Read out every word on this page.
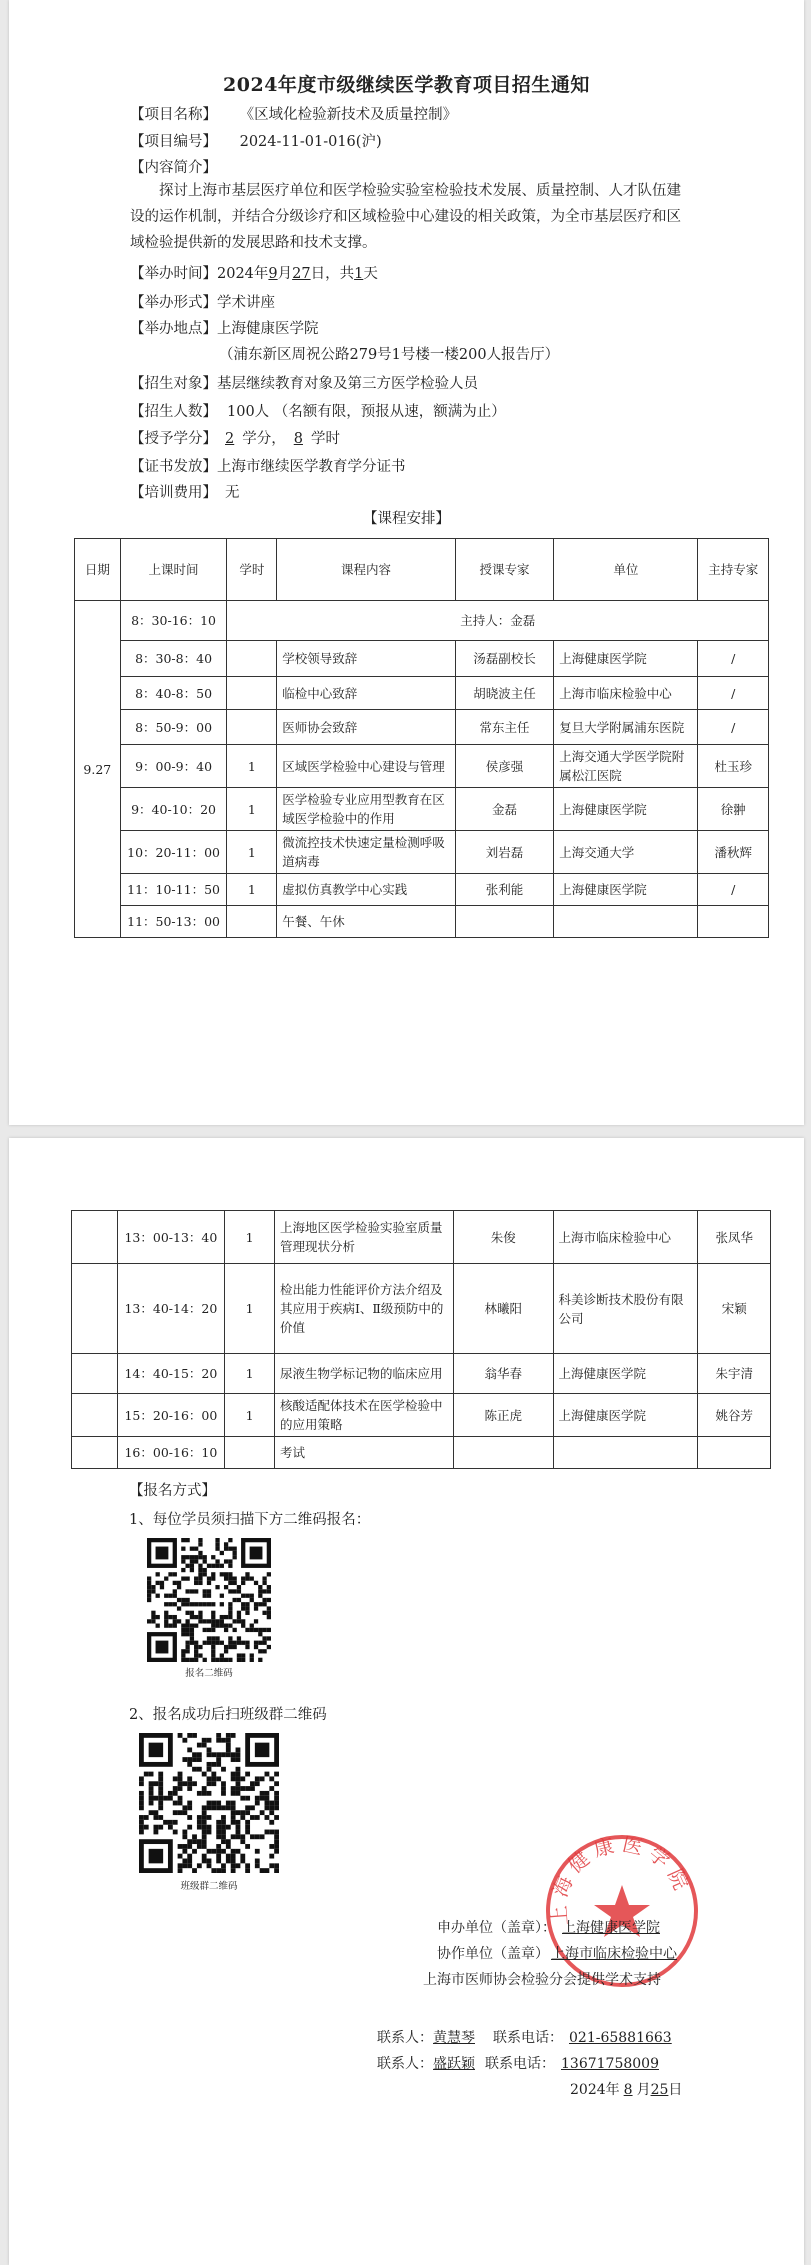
2024年度市级继续医学教育项目招生通知
【项目名称】 《区域化检验新技术及质量控制》
【项目编号】 2024-11-01-016(沪)
【内容简介】
探讨上海市基层医疗单位和医学检验实验室检验技术发展、质量控制、人才队伍建设的运作机制，并结合分级诊疗和区域检验中心建设的相关政策，为全市基层医疗和区域检验提供新的发展思路和技术支撑。
【举办时间】2024年9月27日，共1天
【举办形式】学术讲座
【举办地点】上海健康医学院
（浦东新区周祝公路279号1号楼一楼200人报告厅）
【招生对象】基层继续教育对象及第三方医学检验人员
【招生人数】 100人 （名额有限，预报从速，额满为止）
【授予学分】 2 学分， 8 学时
【证书发放】上海市继续医学教育学分证书
【培训费用】 无
【课程安排】
日期	上课时间	学时	课程内容	授课专家	单位	主持专家
9.27	8：30-16：10	主持人：金磊				
	8：30-8：40		学校领导致辞	汤磊副校长	上海健康医学院	/
	8：40-8：50		临检中心致辞	胡晓波主任	上海市临床检验中心	/
	8：50-9：00		医师协会致辞	常东主任	复旦大学附属浦东医院	/
	9：00-9：40	1	区域医学检验中心建设与管理	侯彦强	上海交通大学医学院附属松江医院	杜玉珍
	9：40-10：20	1	医学检验专业应用型教育在区域医学检验中的作用	金磊	上海健康医学院	徐翀
	10：20-11：00	1	微流控技术快速定量检测呼吸道病毒	刘岩磊	上海交通大学	潘秋辉
	11：10-11：50	1	虚拟仿真教学中心实践	张利能	上海健康医学院	/
	11：50-13：00		午餐、午休			
	13：00-13：40	1	上海地区医学检验实验室质量管理现状分析	朱俊	上海市临床检验中心	张凤华
	13：40-14：20	1	检出能力性能评价方法介绍及其应用于疾病Ⅰ、Ⅱ级预防中的价值	林曦阳	科美诊断技术股份有限公司	宋颖
	14：40-15：20	1	尿液生物学标记物的临床应用	翁华春	上海健康医学院	朱宇清
	15：20-16：00	1	核酸适配体技术在医学检验中的应用策略	陈正虎	上海健康医学院	姚谷芳
	16：00-16：10		考试			
【报名方式】
1、每位学员须扫描下方二维码报名：
报名二维码
2、报名成功后扫班级群二维码
班级群二维码
上海健康医学院
申办单位（盖章）： 上海健康医学院
协作单位（盖章） 上海市临床检验中心
上海市医师协会检验分会提供学术支持
联系人：黄慧琴 联系电话： 021-65881663
联系人：盛跃颖 联系电话： 13671758009
2024年 8 月25日
